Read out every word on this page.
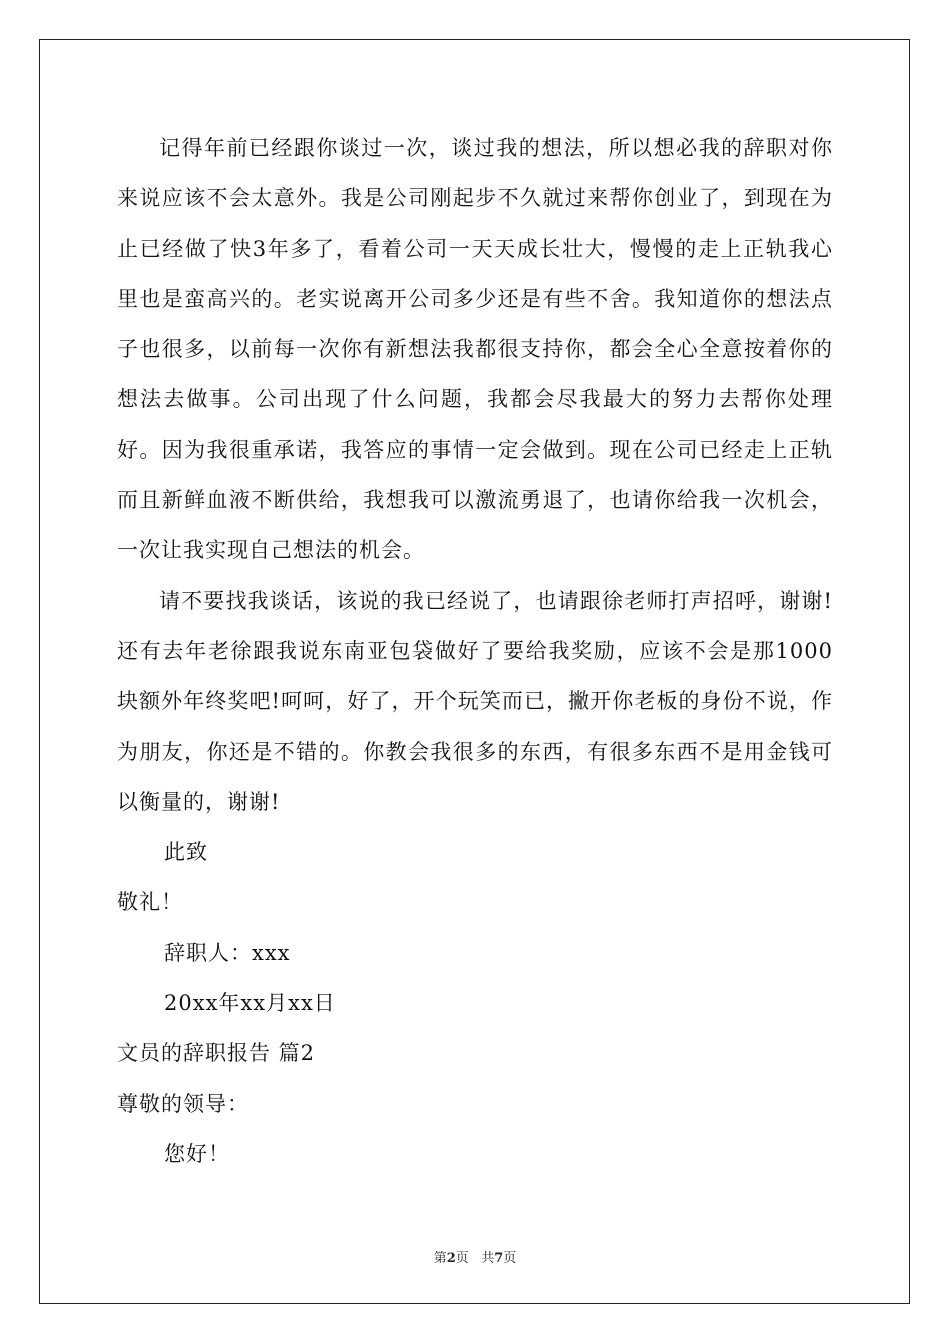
记得年前已经跟你谈过一次，谈过我的想法，所以想必我的辞职对你来说应该不会太意外。我是公司刚起步不久就过来帮你创业了，到现在为止已经做了快3年多了，看着公司一天天成长壮大，慢慢的走上正轨我心里也是蛮高兴的。老实说离开公司多少还是有些不舍。我知道你的想法点子也很多，以前每一次你有新想法我都很支持你，都会全心全意按着你的想法去做事。公司出现了什么问题，我都会尽我最大的努力去帮你处理好。因为我很重承诺，我答应的事情一定会做到。现在公司已经走上正轨而且新鲜血液不断供给，我想我可以激流勇退了，也请你给我一次机会，一次让我实现自己想法的机会。

请不要找我谈话，该说的我已经说了，也请跟徐老师打声招呼，谢谢!还有去年老徐跟我说东南亚包袋做好了要给我奖励，应该不会是那1000块额外年终奖吧!呵呵，好了，开个玩笑而已，撇开你老板的身份不说，作为朋友，你还是不错的。你教会我很多的东西，有很多东西不是用金钱可以衡量的，谢谢!

此致

敬礼！

辞职人：xxx

20xx年xx月xx日

文员的辞职报告 篇2

尊敬的领导：

您好！

第2页 共7页
